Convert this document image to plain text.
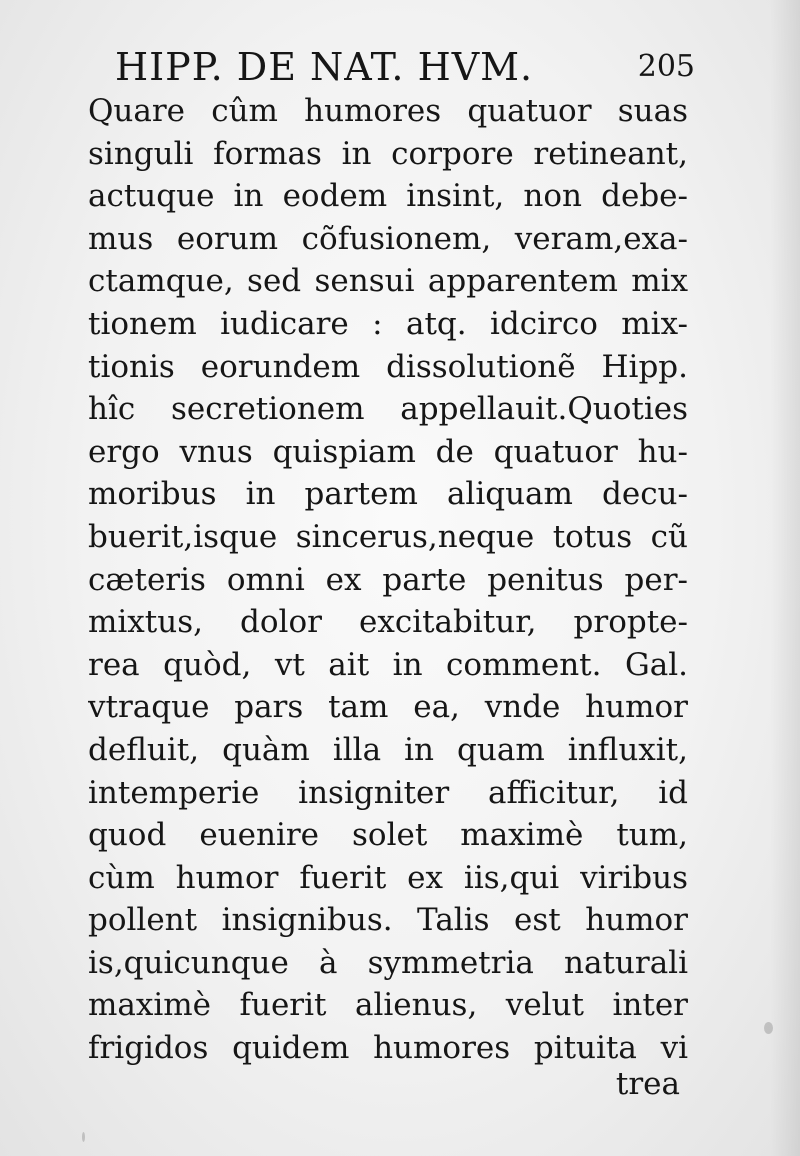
HIPP. DE NAT. HVM.	205
Quare cûm humores quatuor suas
singuli formas in corpore retineant,
actuque in eodem insint, non debe-
mus eorum cõfusionem, veram,exa-
ctamque, sed sensui apparentem mix
tionem iudicare : atq. idcirco mix-
tionis eorundem dissolutionẽ Hipp.
hîc secretionem appellauit.Quoties
ergo vnus quispiam de quatuor hu-
moribus in partem aliquam decu-
buerit,isque sincerus,neque totus cũ
cæteris omni ex parte penitus per-
mixtus, dolor excitabitur, propte-
rea quòd, vt ait in comment. Gal.
vtraque pars tam ea, vnde humor
defluit, quàm illa in quam influxit,
intemperie insigniter afficitur, id
quod euenire solet maximè tum,
cùm humor fuerit ex iis,qui viribus
pollent insignibus. Talis est humor
is,quicunque à symmetria naturali
maximè fuerit alienus, velut inter
frigidos quidem humores pituita vi
trea
